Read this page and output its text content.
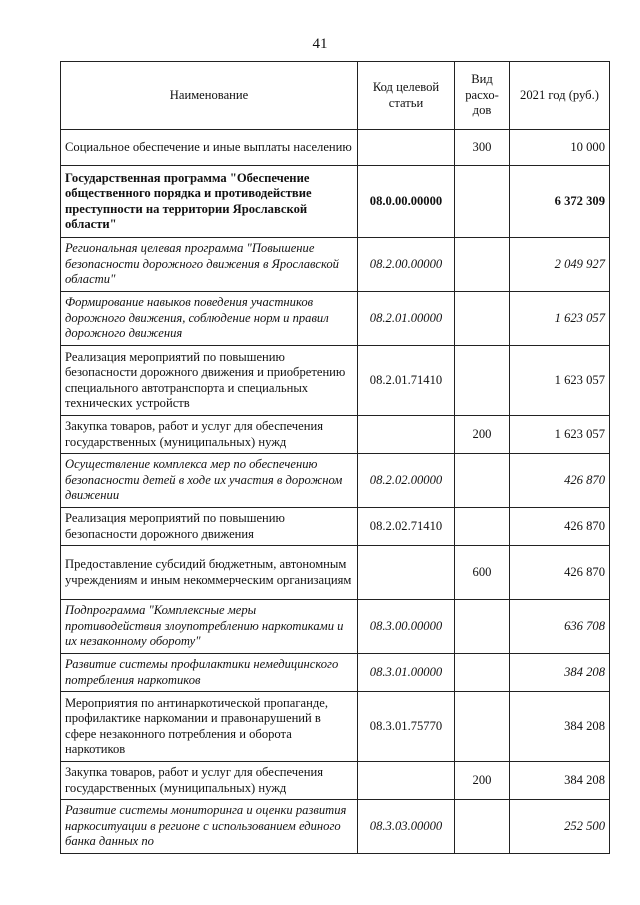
41
Наименование	Код целевой статьи	Вид расхо-дов	2021 год (руб.)
Социальное обеспечение и иные выплаты населению		300	10 000
Государственная программа "Обеспечение общественного порядка и противодействие преступности на территории Ярославской области"	08.0.00.00000		6 372 309
Региональная целевая программа "Повышение безопасности дорожного движения в Ярославской области"	08.2.00.00000		2 049 927
Формирование навыков поведения участников дорожного движения, соблюдение норм и правил дорожного движения	08.2.01.00000		1 623 057
Реализация мероприятий по повышению безопасности дорожного движения и приобретению специального автотранспорта и специальных технических устройств	08.2.01.71410		1 623 057
Закупка товаров, работ и услуг для обеспечения государственных (муниципальных) нужд		200	1 623 057
Осуществление комплекса мер по обеспечению безопасности детей в ходе их участия в дорожном движении	08.2.02.00000		426 870
Реализация мероприятий по повышению безопасности дорожного движения	08.2.02.71410		426 870
Предоставление субсидий бюджетным, автономным учреждениям и иным некоммерческим организациям		600	426 870
Подпрограмма "Комплексные меры противодействия злоупотреблению наркотиками и их незаконному обороту"	08.3.00.00000		636 708
Развитие системы профилактики немедицинского потребления наркотиков	08.3.01.00000		384 208
Мероприятия по антинаркотической пропаганде, профилактике наркомании и правонарушений в сфере незаконного потребления и оборота наркотиков	08.3.01.75770		384 208
Закупка товаров, работ и услуг для обеспечения государственных (муниципальных) нужд		200	384 208
Развитие системы мониторинга и оценки развития наркоситуации в регионе с использованием единого банка данных по	08.3.03.00000		252 500
